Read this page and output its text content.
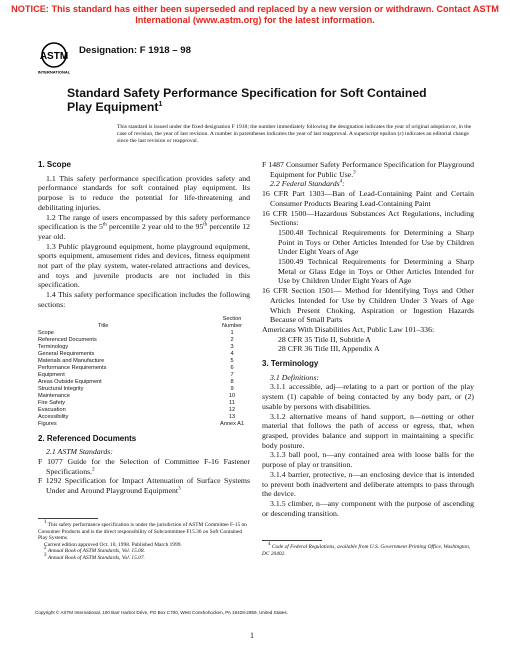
NOTICE: This standard has either been superseded and replaced by a new version or withdrawn. Contact ASTM International (www.astm.org) for the latest information.
ASTM
INTERNATIONAL
Designation: F 1918 – 98
Standard Safety Performance Specification for Soft Contained Play Equipment$^1$
This standard is issued under the fixed designation F 1918; the number immediately following the designation indicates the year of original adoption or, in the case of revision, the year of last revision. A number in parentheses indicates the year of last reapproval. A superscript epsilon (ε) indicates an editorial change since the last revision or reapproval.
1. Scope

1.1 This safety performance specification provides safety and performance standards for soft contained play equipment. Its purpose is to reduce the potential for life-threatening and debilitating injuries.

1.2 The range of users encompassed by this safety performance specification is the 5th percentile 2 year old to the 95th percentile 12 year old.

1.3 Public playground equipment, home playground equipment, sports equipment, amusement rides and devices, fitness equipment not part of the play system, water-related attractions and devices, and toys and juvenile products are not included in this specification.

1.4 This safety performance specification includes the following sections:

Title
Section Number
Scope	1
Referenced Documents	2
Terminology	3
General Requirements	4
Materials and Manufacture	5
Performance Requirements	6
Equipment	7
Areas Outside Equipment	8
Structural Integrity	9
Maintenance	10
Fire Safety	11
Evacuation	12
Accessibility	13
Figures	Annex A1
2. Referenced Documents

2.1 ASTM Standards:

F 1077 Guide for the Selection of Committee F-16 Fastener Specifications.$^2$

F 1292 Specification for Impact Attenuation of Surface Systems Under and Around Playground Equipment$^3$

$^1$ This safety performance specification is under the jurisdiction of ASTM Committee F-15 on Consumer Products and is the direct responsibility of Subcommittee F15.36 on Soft Contained Play Systems.

Current edition approved Oct. 10, 1998. Published March 1999.

$^2$ Annual Book of ASTM Standards, Vol. 15.08.

$^3$ Annual Book of ASTM Standards, Vol. 15.07.

F 1487 Consumer Safety Performance Specification for Playground Equipment for Public Use.$^3$

2.2 Federal Standards$^4$:

16 CFR Part 1303—Ban of Lead-Containing Paint and Certain Consumer Products Bearing Lead-Containing Paint

16 CFR 1500—Hazardous Substances Act Regulations, including Sections:

1500.48 Technical Requirements for Determining a Sharp Point in Toys or Other Articles Intended for Use by Children Under Eight Years of Age

1500.49 Technical Requirements for Determining a Sharp Metal or Glass Edge in Toys or Other Articles Intended for Use by Children Under Eight Years of Age

16 CFR Section 1501— Method for Identifying Toys and Other Articles Intended for Use by Children Under 3 Years of Age Which Present Choking, Aspiration or Ingestion Hazards Because of Small Parts

Americans With Disabilities Act, Public Law 101–336:

28 CFR 35 Title II, Subtitle A

28 CFR 36 Title III, Appendix A

3. Terminology

3.1 Definitions:

3.1.1 accessible, adj—relating to a part or portion of the play system (1) capable of being contacted by any body part, or (2) usable by persons with disabilities.

3.1.2 alternative means of hand support, n—netting or other material that follows the path of access or egress, that, when grasped, provides balance and support in maintaining a specific body posture.

3.1.3 ball pool, n—any contained area with loose balls for the purpose of play or transition.

3.1.4 barrier, protective, n—an enclosing device that is intended to prevent both inadvertent and deliberate attempts to pass through the device.

3.1.5 climber, n—any component with the purpose of ascending or descending transition.

$^4$ Code of Federal Regulations, available from U.S. Government Printing Office, Washington, DC 20402.

Copyright © ASTM International, 100 Barr Harbor Drive, PO Box C700, West Conshohocken, PA 19428-2959, United States.
1
